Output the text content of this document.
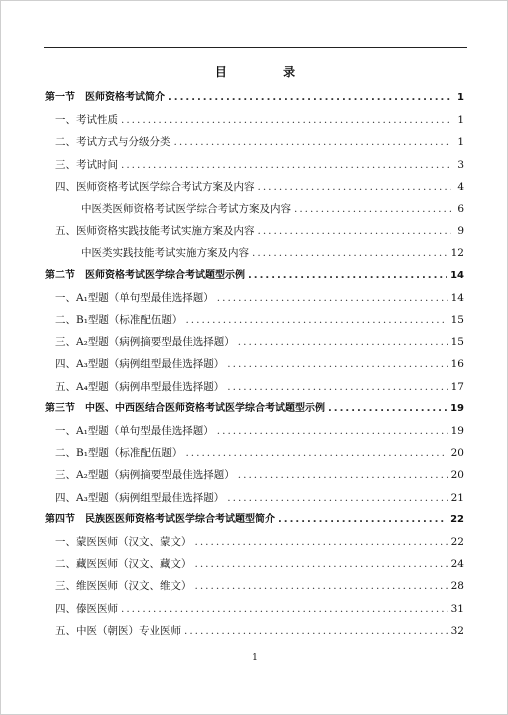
目 录
第一节　医师资格考试简介 .....	1
一、考试性质 .....	1
二、考试方式与分级分类 .....	1
三、考试时间 .....	3
四、医师资格考试医学综合考试方案及内容 .....	4
中医类医师资格考试医学综合考试方案及内容 .....	6
五、医师资格实践技能考试实施方案及内容 .....	9
中医类实践技能考试实施方案及内容 .....	12
第二节　医师资格考试医学综合考试题型示例 .....	14
一、A₁型题（单句型最佳选择题） .....	14
二、B₁型题（标准配伍题） .....	15
三、A₂型题（病例摘要型最佳选择题） .....	15
四、A₃型题（病例组型最佳选择题） .....	16
五、A₄型题（病例串型最佳选择题） .....	17
第三节　中医、中西医结合医师资格考试医学综合考试题型示例 .....	19
一、A₁型题（单句型最佳选择题） .....	19
二、B₁型题（标准配伍题） .....	20
三、A₂型题（病例摘要型最佳选择题） .....	20
四、A₃型题（病例组型最佳选择题） .....	21
第四节　民族医医师资格考试医学综合考试题型简介 .....	22
一、蒙医医师（汉文、蒙文） .....	22
二、藏医医师（汉文、藏文） .....	24
三、维医医师（汉文、维文） .....	28
四、傣医医师 .....	31
五、中医（朝医）专业医师 .....	32
1
